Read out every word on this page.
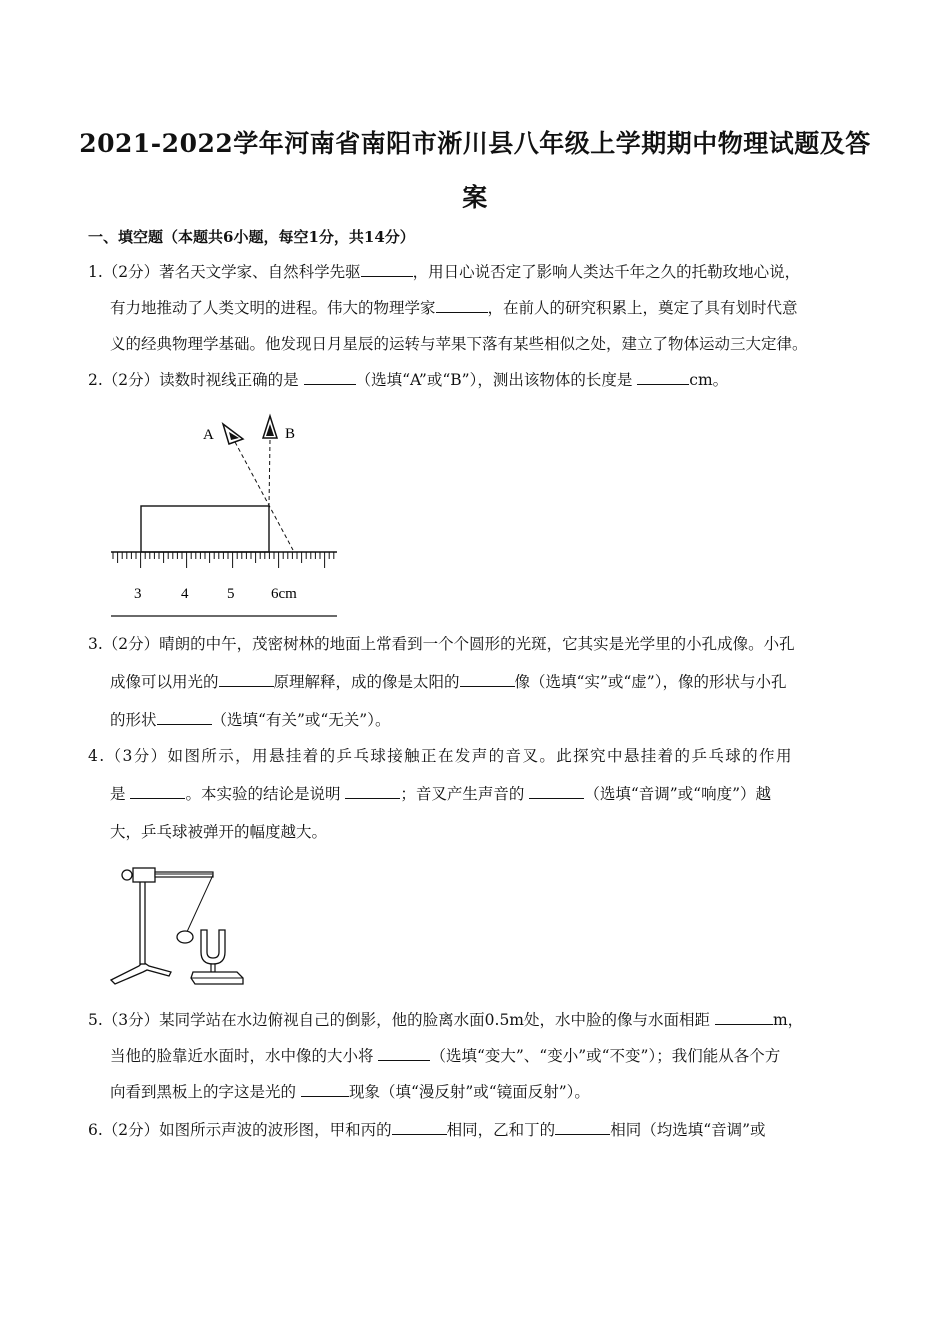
2021-2022学年河南省南阳市淅川县八年级上学期期中物理试题及答
案
一、填空题（本题共6小题，每空1分，共14分）
1.（2分）著名天文学家、自然科学先驱	，用日心说否定了影响人类达千年之久的托勒玫地心说，
有力地推动了人类文明的进程。伟大的物理学家	，在前人的研究积累上，奠定了具有划时代意
义的经典物理学基础。他发现日月星辰的运转与苹果下落有某些相似之处，建立了物体运动三大定律。
2.（2分）读数时视线正确的是	（选填“A”或“B”），测出该物体的长度是	cm。
A	B
3	4	5 6cm
3.（2分）晴朗的中午，茂密树林的地面上常看到一个个圆形的光斑，它其实是光学里的小孔成像。小孔
成像可以用光的	原理解释，成的像是太阳的	像（选填“实”或“虚”），像的形状与小孔
的形状	（选填“有关”或“无关”）。
4.（3分）如图所示，用悬挂着的乒乓球接触正在发声的音叉。此探究中悬挂着的乒乓球的作用
是	。本实验的结论是说明	；音叉产生声音的	（选填“音调”或“响度”）越
大，乒乓球被弹开的幅度越大。
5.（3分）某同学站在水边俯视自己的倒影，他的脸离水面0.5m处，水中脸的像与水面相距	m，
当他的脸靠近水面时，水中像的大小将	（选填“变大”、“变小”或“不变”）；我们能从各个方
向看到黑板上的字这是光的	现象（填“漫反射”或“镜面反射”）。
6.（2分）如图所示声波的波形图，甲和丙的	相同，乙和丁的	相同（均选填“音调”或
